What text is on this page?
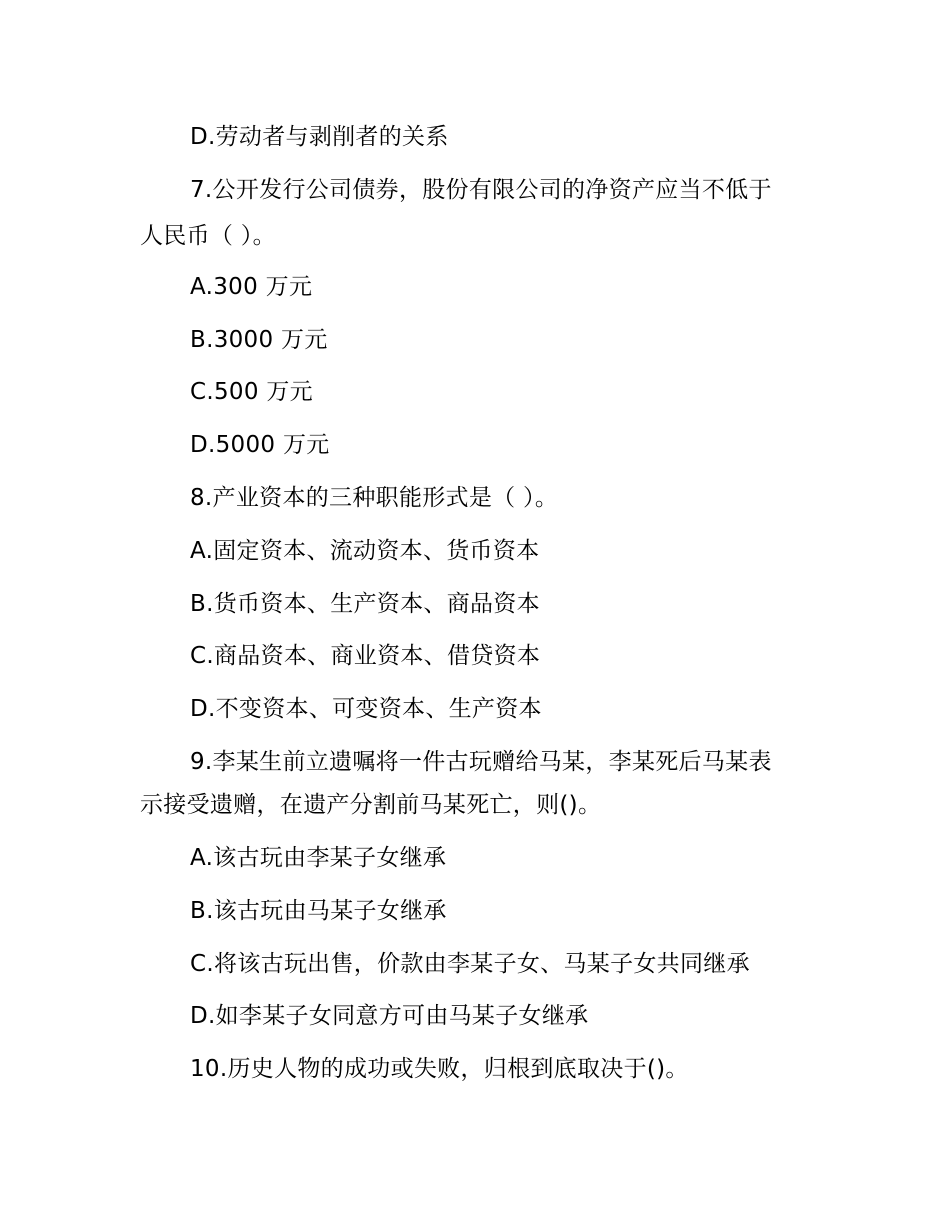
D.劳动者与剥削者的关系
7.公开发行公司债券，股份有限公司的净资产应当不低于
人民币（ ）。
A.300 万元
B.3000 万元
C.500 万元
D.5000 万元
8.产业资本的三种职能形式是（ ）。
A.固定资本、流动资本、货币资本
B.货币资本、生产资本、商品资本
C.商品资本、商业资本、借贷资本
D.不变资本、可变资本、生产资本
9.李某生前立遗嘱将一件古玩赠给马某，李某死后马某表
示接受遗赠，在遗产分割前马某死亡，则()。
A.该古玩由李某子女继承
B.该古玩由马某子女继承
C.将该古玩出售，价款由李某子女、马某子女共同继承
D.如李某子女同意方可由马某子女继承
10.历史人物的成功或失败，归根到底取决于()。
